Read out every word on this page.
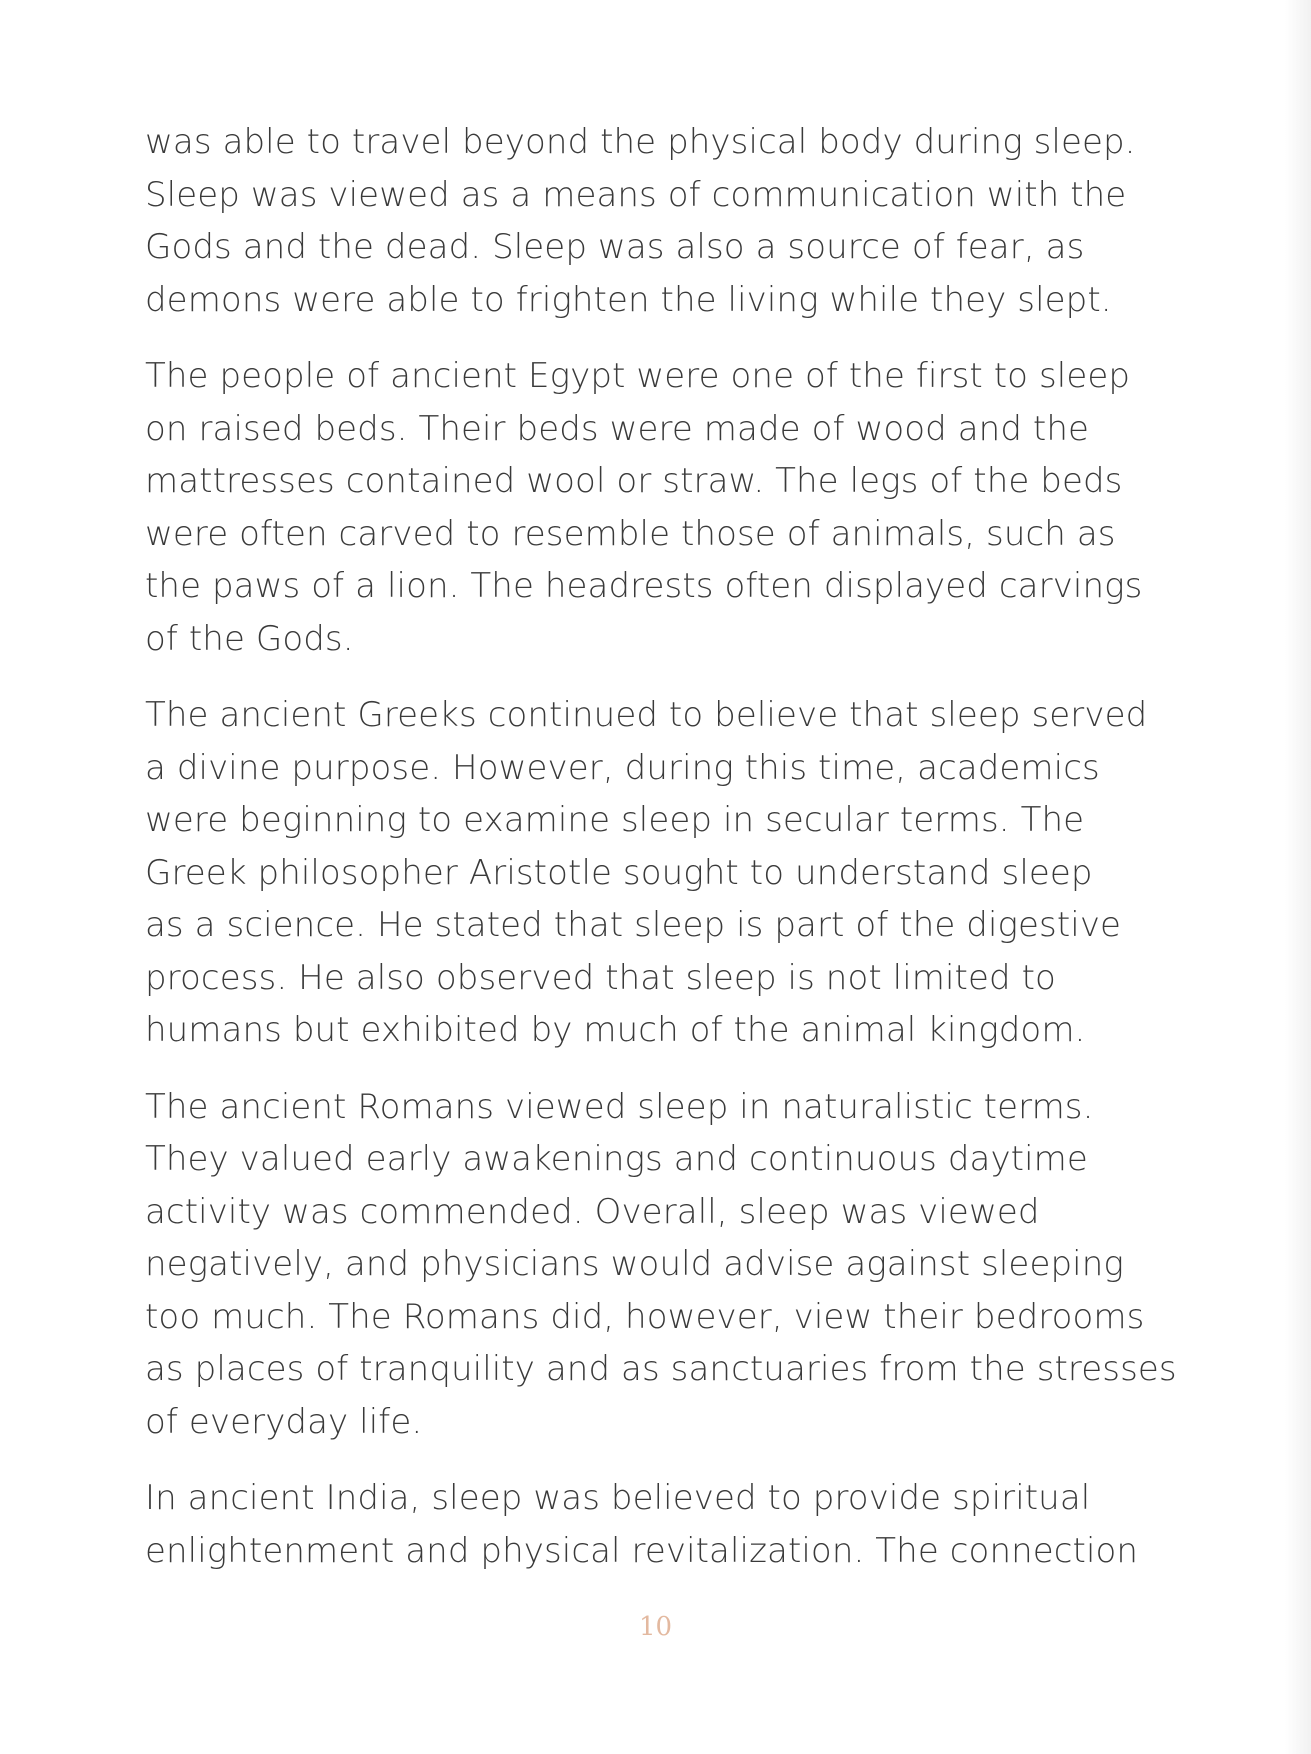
was able to travel beyond the physical body during sleep.
Sleep was viewed as a means of communication with the
Gods and the dead. Sleep was also a source of fear, as
demons were able to frighten the living while they slept.

The people of ancient Egypt were one of the first to sleep
on raised beds. Their beds were made of wood and the
mattresses contained wool or straw. The legs of the beds
were often carved to resemble those of animals, such as
the paws of a lion. The headrests often displayed carvings
of the Gods.

The ancient Greeks continued to believe that sleep served
a divine purpose. However, during this time, academics
were beginning to examine sleep in secular terms. The
Greek philosopher Aristotle sought to understand sleep
as a science. He stated that sleep is part of the digestive
process. He also observed that sleep is not limited to
humans but exhibited by much of the animal kingdom.

The ancient Romans viewed sleep in naturalistic terms.
They valued early awakenings and continuous daytime
activity was commended. Overall, sleep was viewed
negatively, and physicians would advise against sleeping
too much. The Romans did, however, view their bedrooms
as places of tranquility and as sanctuaries from the stresses
of everyday life.

In ancient India, sleep was believed to provide spiritual
enlightenment and physical revitalization. The connection

10
